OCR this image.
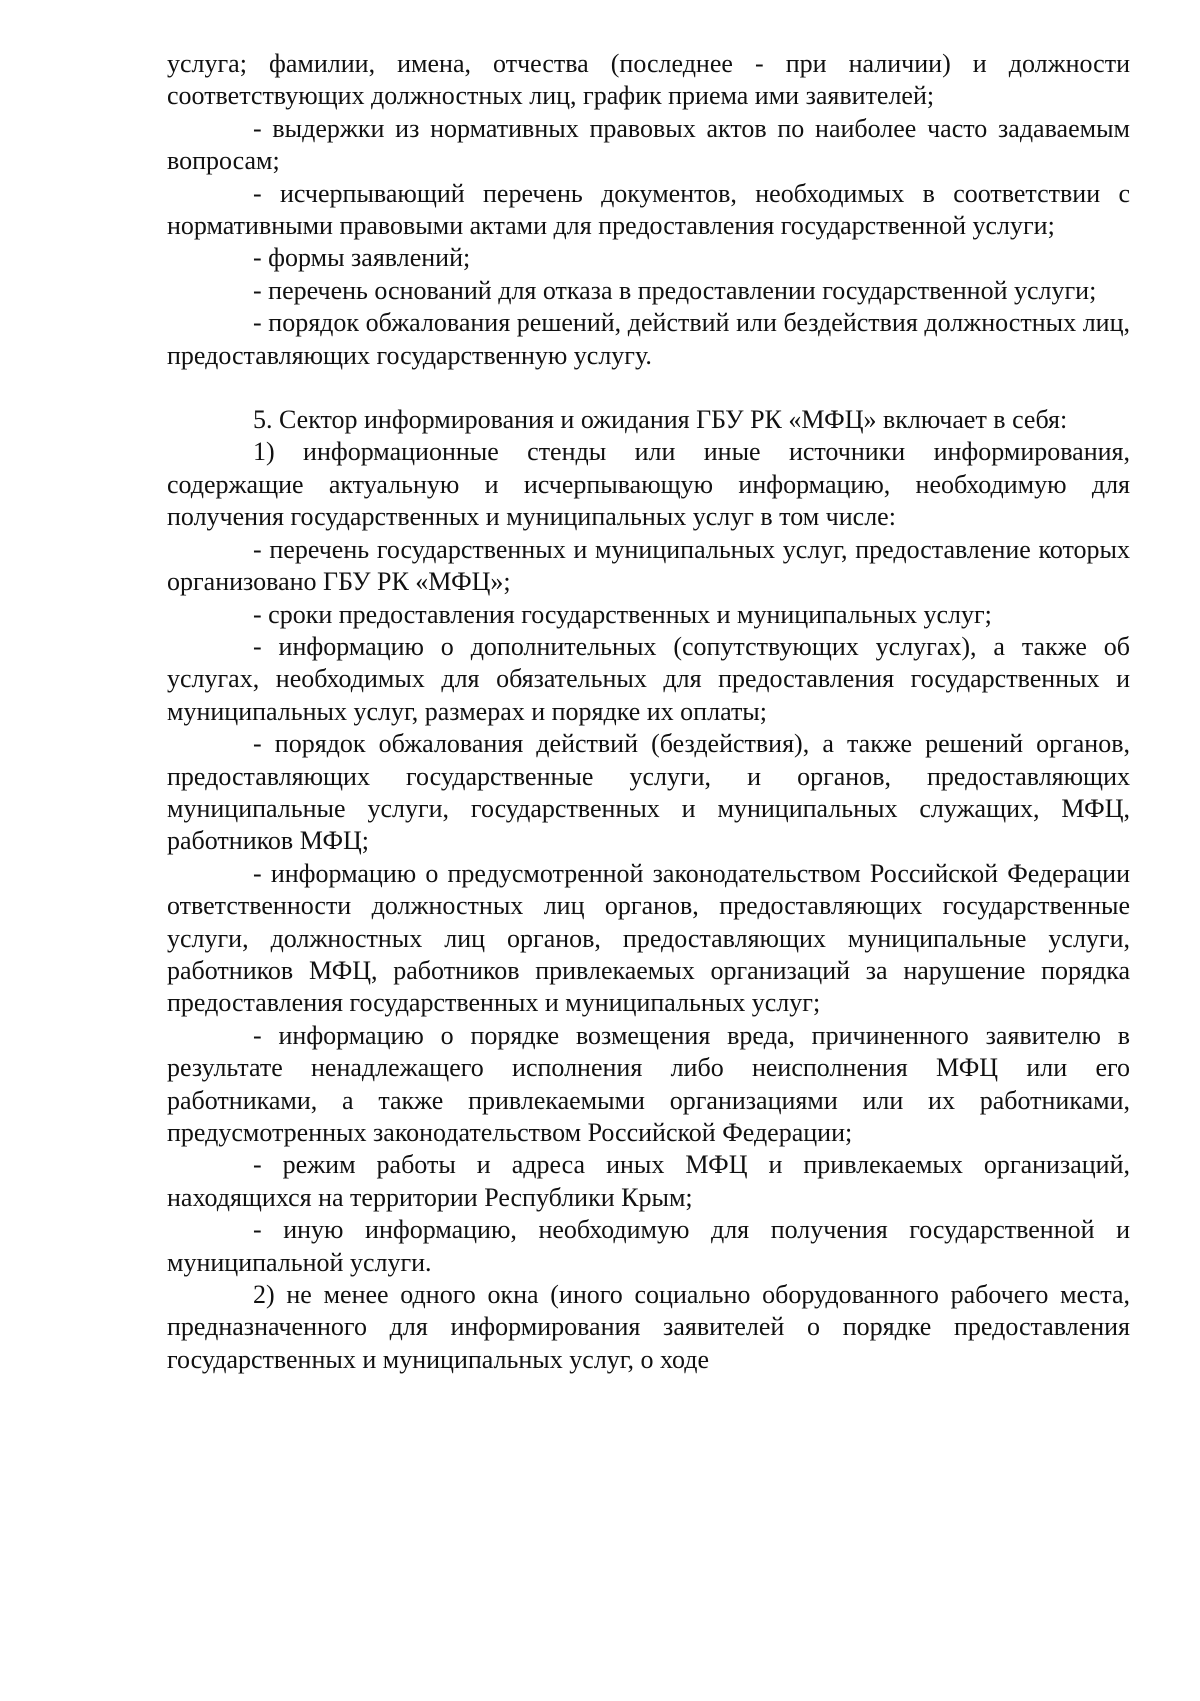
услуга; фамилии, имена, отчества (последнее - при наличии) и должности соответствующих должностных лиц, график приема ими заявителей;

- выдержки из нормативных правовых актов по наиболее часто задаваемым вопросам;

- исчерпывающий перечень документов, необходимых в соответствии с нормативными правовыми актами для предоставления государственной услуги;

- формы заявлений;

- перечень оснований для отказа в предоставлении государственной услуги;

- порядок обжалования решений, действий или бездействия должностных лиц, предоставляющих государственную услугу.

5. Сектор информирования и ожидания ГБУ РК «МФЦ» включает в себя:

1) информационные стенды или иные источники информирования, содержащие актуальную и исчерпывающую информацию, необходимую для получения государственных и муниципальных услуг в том числе:

- перечень государственных и муниципальных услуг, предоставление которых организовано ГБУ РК «МФЦ»;

- сроки предоставления государственных и муниципальных услуг;

- информацию о дополнительных (сопутствующих услугах), а также об услугах, необходимых для обязательных для предоставления государственных и муниципальных услуг, размерах и порядке их оплаты;

- порядок обжалования действий (бездействия), а также решений органов, предоставляющих государственные услуги, и органов, предоставляющих муниципальные услуги, государственных и муниципальных служащих, МФЦ, работников МФЦ;

- информацию о предусмотренной законодательством Российской Федерации ответственности должностных лиц органов, предоставляющих государственные услуги, должностных лиц органов, предоставляющих муниципальные услуги, работников МФЦ, работников привлекаемых организаций за нарушение порядка предоставления государственных и муниципальных услуг;

- информацию о порядке возмещения вреда, причиненного заявителю в результате ненадлежащего исполнения либо неисполнения МФЦ или его работниками, а также привлекаемыми организациями или их работниками, предусмотренных законодательством Российской Федерации;

- режим работы и адреса иных МФЦ и привлекаемых организаций, находящихся на территории Республики Крым;

- иную информацию, необходимую для получения государственной и муниципальной услуги.

2) не менее одного окна (иного социально оборудованного рабочего места, предназначенного для информирования заявителей о порядке предоставления государственных и муниципальных услуг, о ходе
